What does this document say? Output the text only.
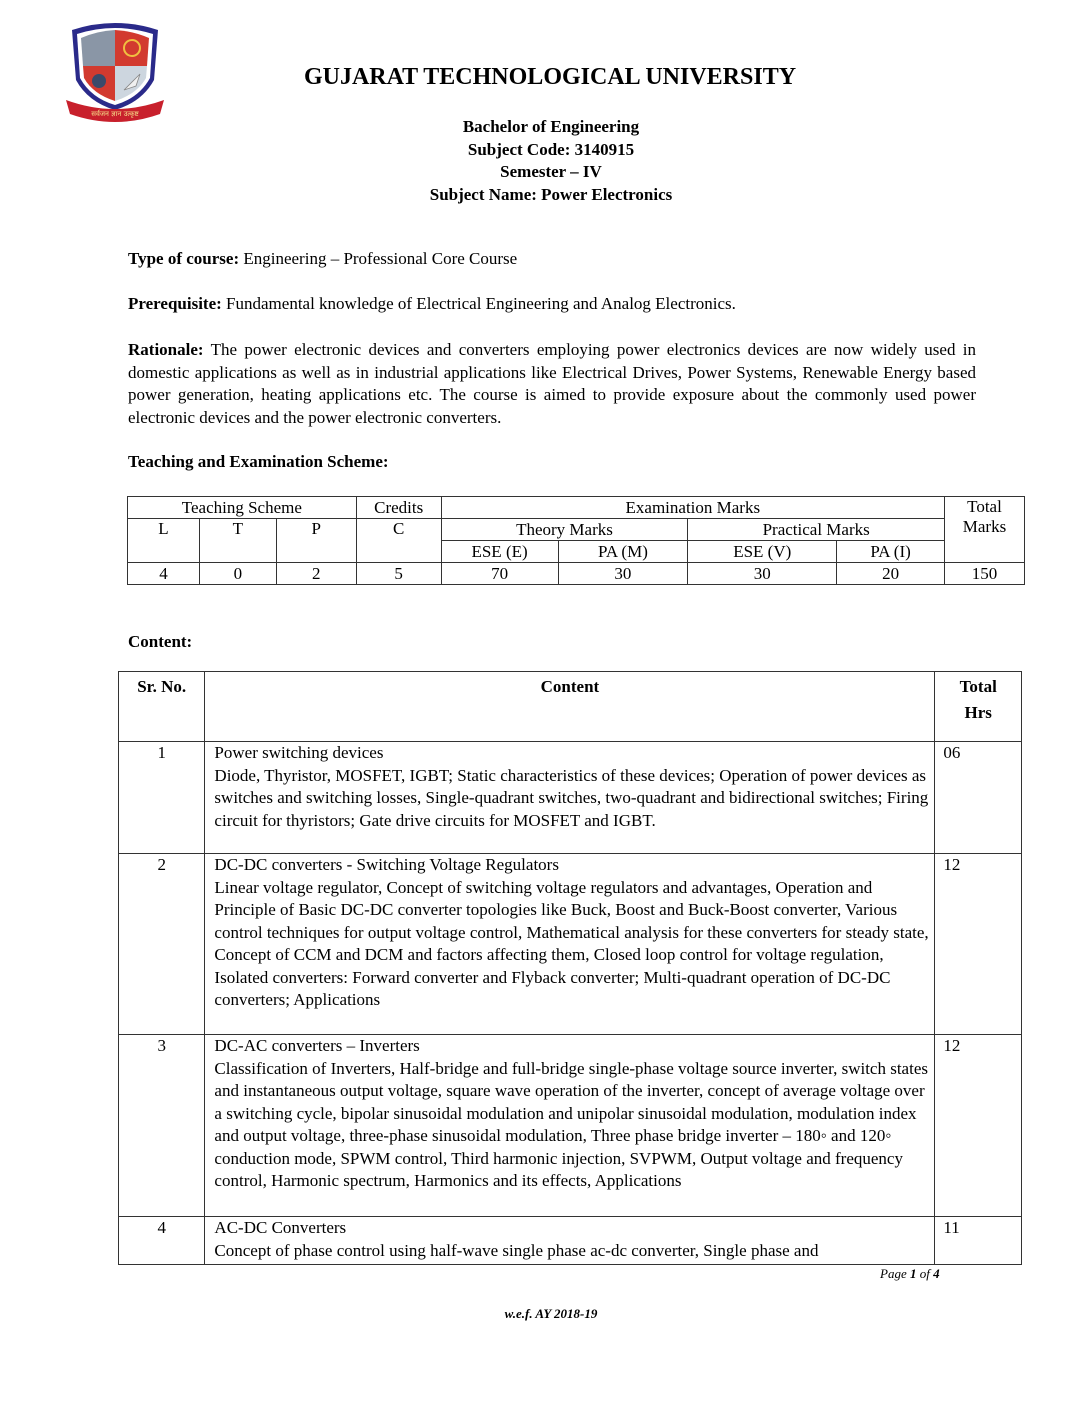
सर्वजन ज्ञान उत्कृष्ट
GUJARAT TECHNOLOGICAL UNIVERSITY
Bachelor of Engineering
Subject Code: 3140915
Semester – IV
Subject Name: Power Electronics
Type of course: Engineering – Professional Core Course
Prerequisite: Fundamental knowledge of Electrical Engineering and Analog Electronics.
Rationale: The power electronic devices and converters employing power electronics devices are now widely used in domestic applications as well as in industrial applications like Electrical Drives, Power Systems, Renewable Energy based power generation, heating applications etc. The course is aimed to provide exposure about the commonly used power electronic devices and the power electronic converters.
Teaching and Examination Scheme:
Teaching Scheme			Credits	Examination Marks				Total Marks
L	T	P	C	Theory Marks		Practical Marks		
				ESE (E)	PA (M)	ESE (V)	PA (I)	
4	0	2	5	70	30	30	20	150
Content:
Sr. No.	Content	Total
Hrs

1	Power switching devices
Diode, Thyristor, MOSFET, IGBT; Static characteristics of these devices; Operation of power devices as switches and switching losses, Single-quadrant switches, two-quadrant and bidirectional switches; Firing circuit for thyristors; Gate drive circuits for MOSFET and IGBT.	06
2	DC-DC converters - Switching Voltage Regulators
Linear voltage regulator, Concept of switching voltage regulators and advantages, Operation and Principle of Basic DC-DC converter topologies like Buck, Boost and Buck-Boost converter, Various control techniques for output voltage control, Mathematical analysis for these converters for steady state, Concept of CCM and DCM and factors affecting them, Closed loop control for voltage regulation, Isolated converters: Forward converter and Flyback converter; Multi-quadrant operation of DC-DC converters; Applications	12
3	DC-AC converters – Inverters
Classification of Inverters, Half-bridge and full-bridge single-phase voltage source inverter, switch states and instantaneous output voltage, square wave operation of the inverter, concept of average voltage over a switching cycle, bipolar sinusoidal modulation and unipolar sinusoidal modulation, modulation index and output voltage, three-phase sinusoidal modulation, Three phase bridge inverter – 180◦ and 120◦ conduction mode, SPWM control, Third harmonic injection, SVPWM, Output voltage and frequency control, Harmonic spectrum, Harmonics and its effects, Applications	12
4	AC-DC Converters
Concept of phase control using half-wave single phase ac-dc converter, Single phase and	11
Page 1 of 4
w.e.f. AY 2018-19
